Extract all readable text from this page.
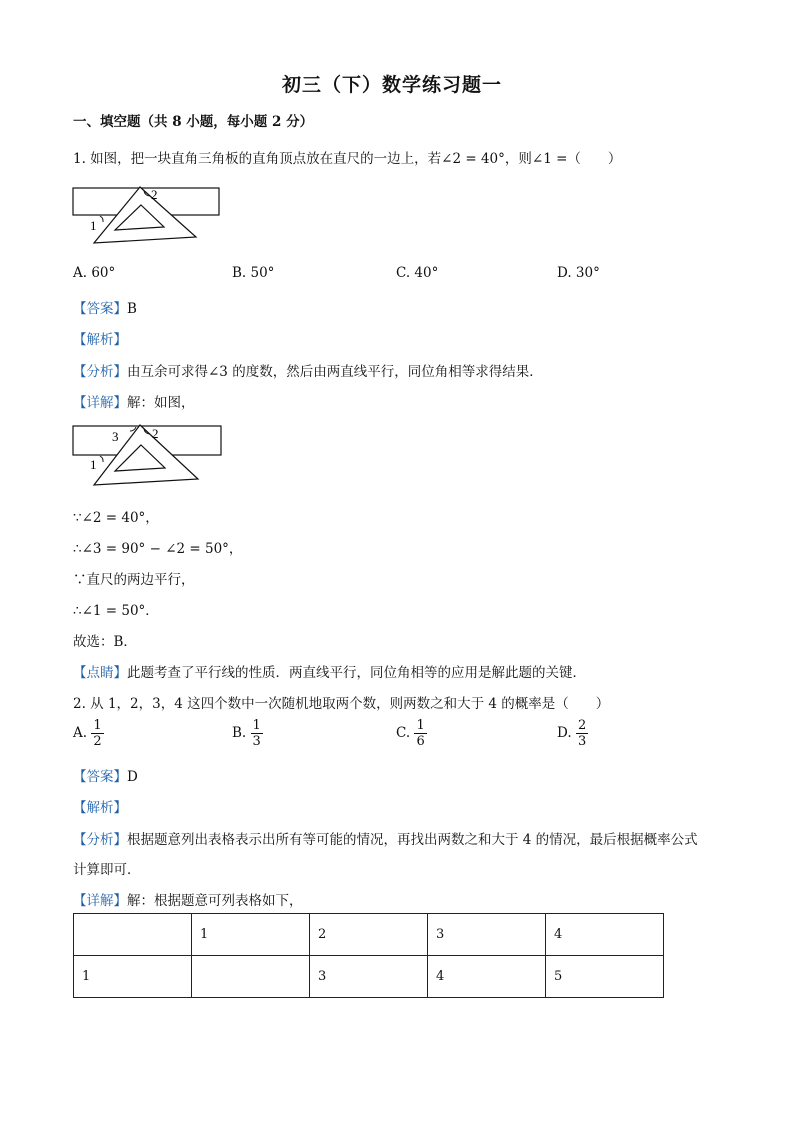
初三（下）数学练习题一
一、填空题（共 8 小题，每小题 2 分）
1. 如图，把一块直角三角板的直角顶点放在直尺的一边上，若∠2 = 40°，则∠1 =（　　）
2
1
A. 60°	B. 50°	C. 40°	D. 30°
【答案】B
【解析】
【分析】由互余可求得∠3 的度数，然后由两直线平行，同位角相等求得结果．
【详解】解：如图，
3	2
1
∵∠2 = 40°，
∴∠3 = 90° − ∠2 = 50°，
∵直尺的两边平行，
∴∠1 = 50°．
故选：B．
【点睛】此题考查了平行线的性质．两直线平行，同位角相等的应用是解此题的关键．
2. 从 1，2，3，4 这四个数中一次随机地取两个数，则两数之和大于 4 的概率是（　　）
A. $\frac{1}{2}$	B. $\frac{1}{3}$	C. $\frac{1}{6}$	D. $\frac{2}{3}$
【答案】D
【解析】
【分析】根据题意列出表格表示出所有等可能的情况，再找出两数之和大于 4 的情况，最后根据概率公式
计算即可．
【详解】解：根据题意可列表格如下，
	1	2	3	4
1		3	4	5
